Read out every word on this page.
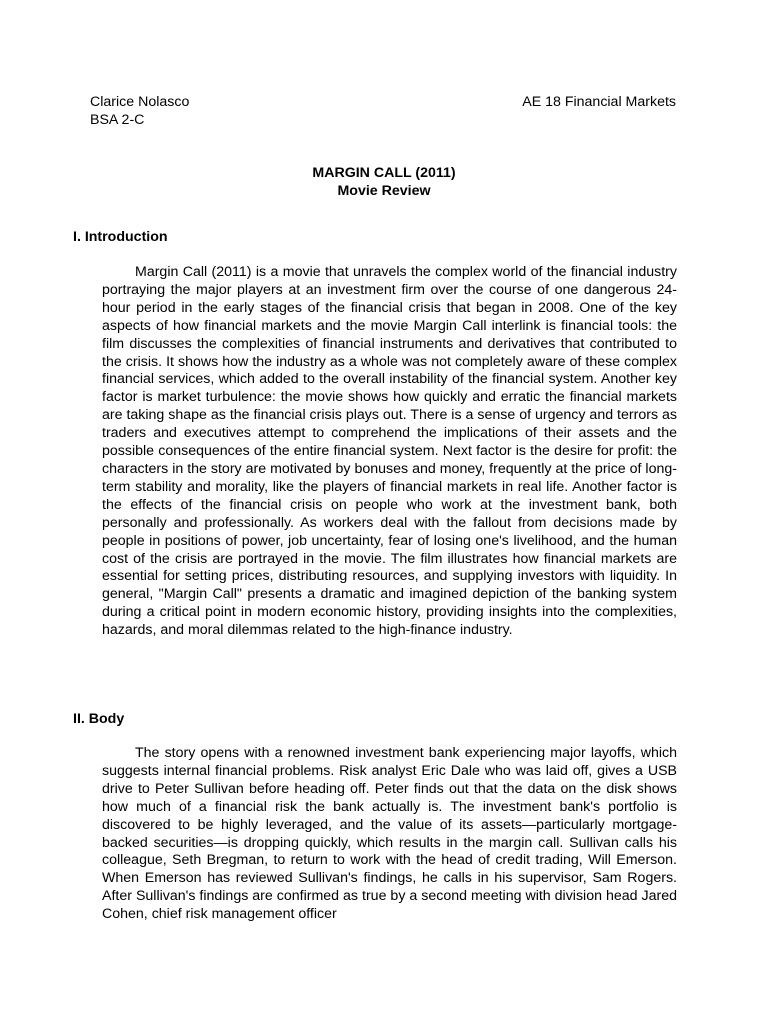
Clarice Nolasco
BSA 2-C
AE 18 Financial Markets
MARGIN CALL (2011)
Movie Review
I. Introduction

Margin Call (2011) is a movie that unravels the complex world of the financial industry portraying the major players at an investment firm over the course of one dangerous 24-hour period in the early stages of the financial crisis that began in 2008. One of the key aspects of how financial markets and the movie Margin Call interlink is financial tools: the film discusses the complexities of financial instruments and derivatives that contributed to the crisis. It shows how the industry as a whole was not completely aware of these complex financial services, which added to the overall instability of the financial system. Another key factor is market turbulence: the movie shows how quickly and erratic the financial markets are taking shape as the financial crisis plays out. There is a sense of urgency and terrors as traders and executives attempt to comprehend the implications of their assets and the possible consequences of the entire financial system. Next factor is the desire for profit: the characters in the story are motivated by bonuses and money, frequently at the price of long-term stability and morality, like the players of financial markets in real life. Another factor is the effects of the financial crisis on people who work at the investment bank, both personally and professionally. As workers deal with the fallout from decisions made by people in positions of power, job uncertainty, fear of losing one's livelihood, and the human cost of the crisis are portrayed in the movie. The film illustrates how financial markets are essential for setting prices, distributing resources, and supplying investors with liquidity. In general, "Margin Call" presents a dramatic and imagined depiction of the banking system during a critical point in modern economic history, providing insights into the complexities, hazards, and moral dilemmas related to the high-finance industry.

II. Body

The story opens with a renowned investment bank experiencing major layoffs, which suggests internal financial problems. Risk analyst Eric Dale who was laid off, gives a USB drive to Peter Sullivan before heading off. Peter finds out that the data on the disk shows how much of a financial risk the bank actually is. The investment bank's portfolio is discovered to be highly leveraged, and the value of its assets—particularly mortgage-backed securities—is dropping quickly, which results in the margin call. Sullivan calls his colleague, Seth Bregman, to return to work with the head of credit trading, Will Emerson. When Emerson has reviewed Sullivan's findings, he calls in his supervisor, Sam Rogers. After Sullivan's findings are confirmed as true by a second meeting with division head Jared Cohen, chief risk management officer
